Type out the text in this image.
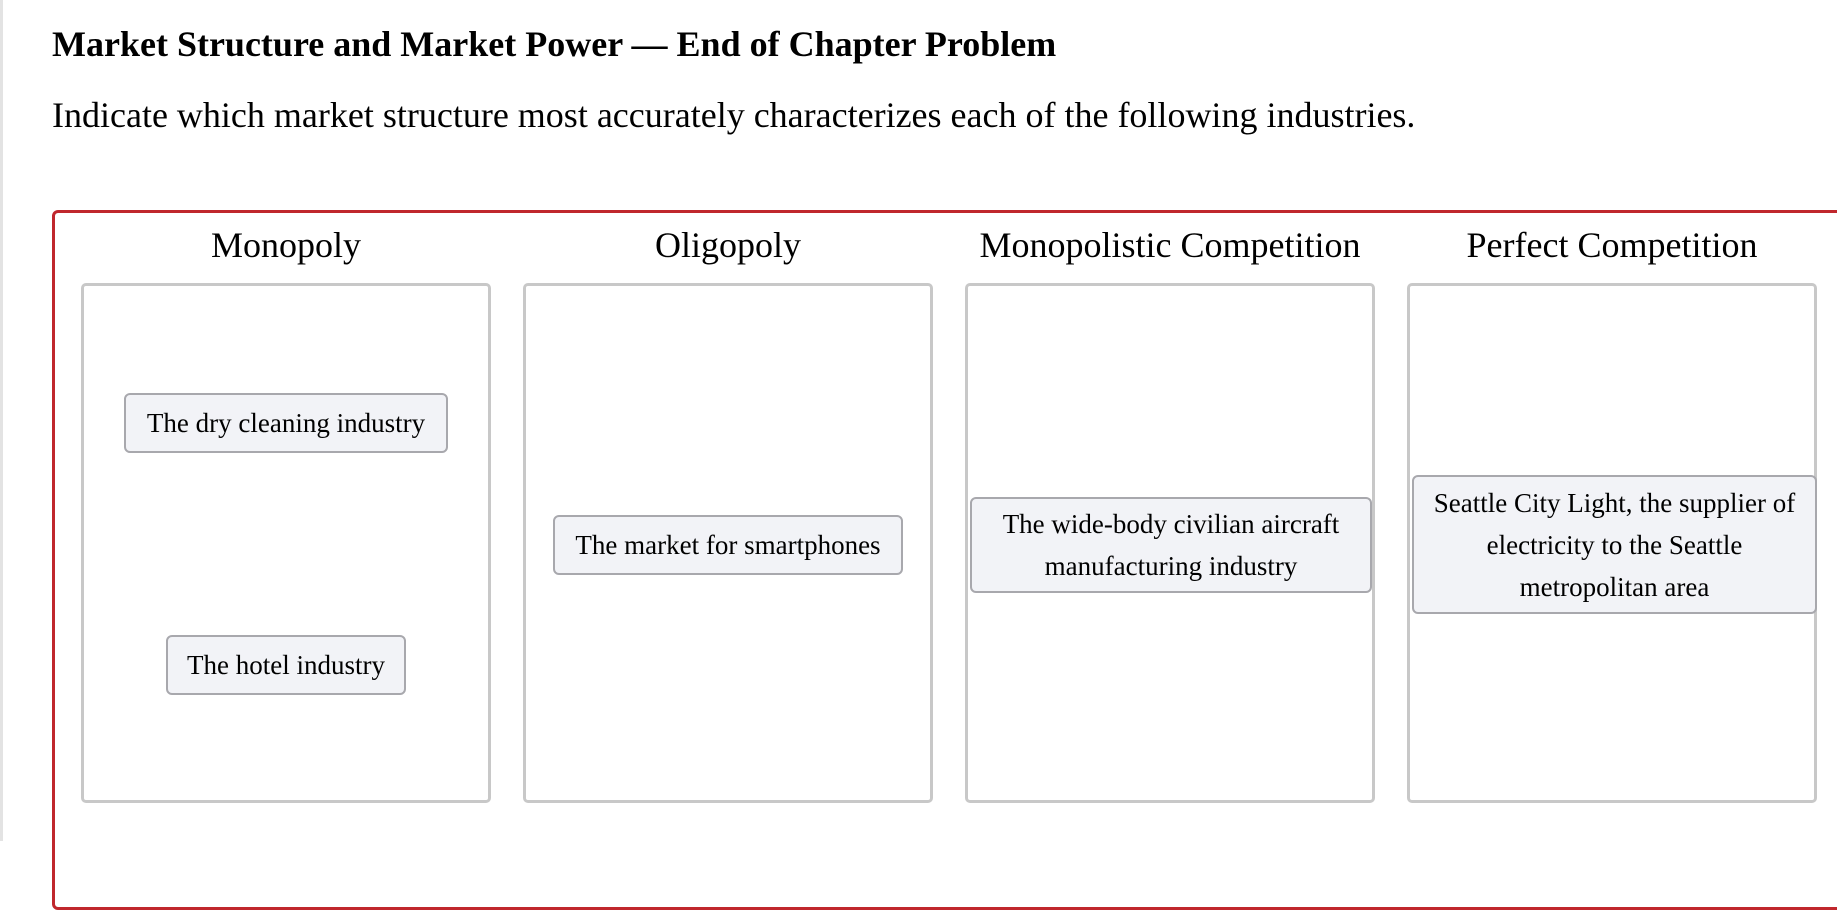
Market Structure and Market Power — End of Chapter Problem

Indicate which market structure most accurately characterizes each of the following industries.

Monopoly
The dry cleaning industry
The hotel industry
Oligopoly
The market for smartphones
Monopolistic Competition
The wide-body civilian aircraft manufacturing industry
Perfect Competition
Seattle City Light, the supplier of electricity to the Seattle metropolitan area
